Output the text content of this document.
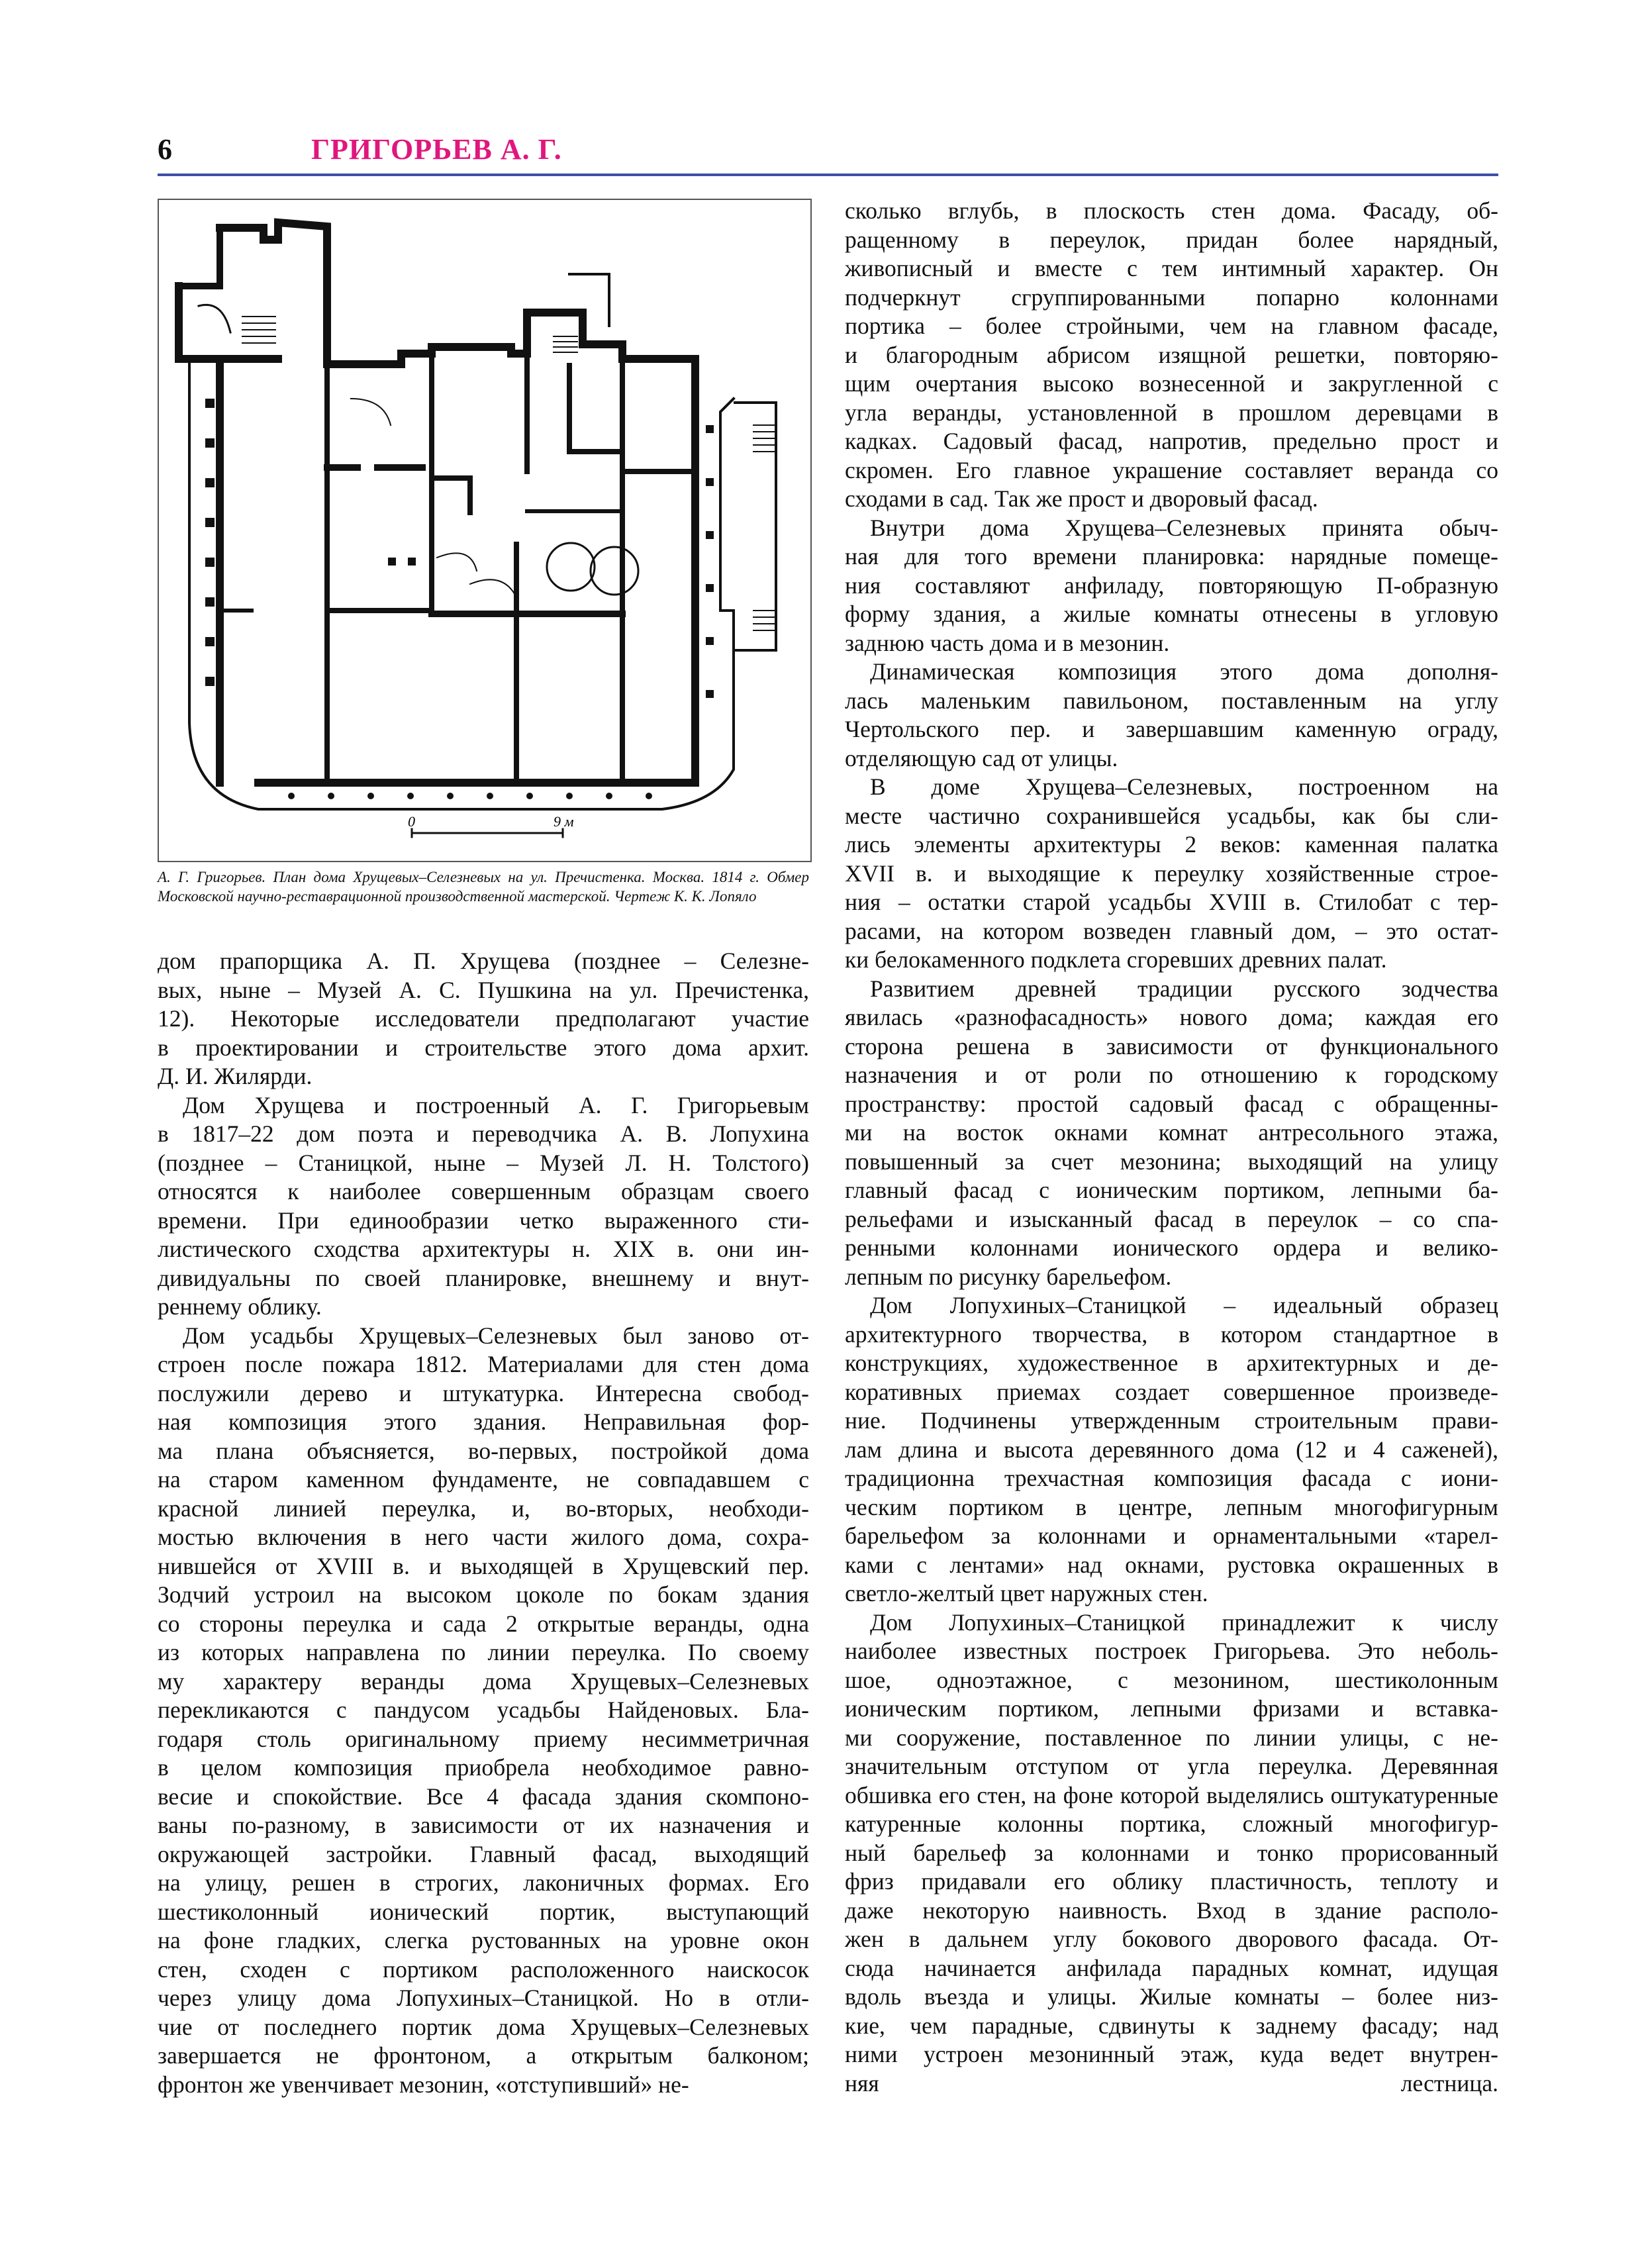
6	ГРИГОРЬЕВ А. Г.
0	9 м
А. Г. Григорьев. План дома Хрущевых–Селезневых на ул. Пречистенка. Москва. 1814 г. Обмер Московской научно-реставрационной производственной мастерской. Чертеж К. К. Лопяло
дом прапорщика А. П. Хрущева (позднее – Селезне-
вых, ныне – Музей А. С. Пушкина на ул. Пречистенка,
12). Некоторые исследователи предполагают участие
в проектировании и строительстве этого дома архит.
Д. И. Жилярди.
Дом Хрущева и построенный А. Г. Григорьевым
в 1817–22 дом поэта и переводчика А. В. Лопухина
(позднее – Станицкой, ныне – Музей Л. Н. Толстого)
относятся к наиболее совершенным образцам своего
времени. При единообразии четко выраженного сти-
листического сходства архитектуры н. XIX в. они ин-
дивидуальны по своей планировке, внешнему и внут-
реннему облику.
Дом усадьбы Хрущевых–Селезневых был заново от-
строен после пожара 1812. Материалами для стен дома
послужили дерево и штукатурка. Интересна свобод-
ная композиция этого здания. Неправильная фор-
ма плана объясняется, во-первых, постройкой дома
на старом каменном фундаменте, не совпадавшем с
красной линией переулка, и, во-вторых, необходи-
мостью включения в него части жилого дома, сохра-
нившейся от XVIII в. и выходящей в Хрущевский пер.
Зодчий устроил на высоком цоколе по бокам здания
со стороны переулка и сада 2 открытые веранды, одна
из которых направлена по линии переулка. По своему
му характеру веранды дома Хрущевых–Селезневых
перекликаются с пандусом усадьбы Найденовых. Бла-
годаря столь оригинальному приему несимметричная
в целом композиция приобрела необходимое равно-
весие и спокойствие. Все 4 фасада здания скомпоно-
ваны по-разному, в зависимости от их назначения и
окружающей застройки. Главный фасад, выходящий
на улицу, решен в строгих, лаконичных формах. Его
шестиколонный ионический портик, выступающий
на фоне гладких, слегка рустованных на уровне окон
стен, сходен с портиком расположенного наискосок
через улицу дома Лопухиных–Станицкой. Но в отли-
чие от последнего портик дома Хрущевых–Селезневых
завершается не фронтоном, а открытым балконом;
фронтон же увенчивает мезонин, «отступивший» не-
сколько вглубь, в плоскость стен дома. Фасаду, об-
ращенному в переулок, придан более нарядный,
живописный и вместе с тем интимный характер. Он
подчеркнут сгруппированными попарно колоннами
портика – более стройными, чем на главном фасаде,
и благородным абрисом изящной решетки, повторяю-
щим очертания высоко вознесенной и закругленной с
угла веранды, установленной в прошлом деревцами в
кадках. Садовый фасад, напротив, предельно прост и
скромен. Его главное украшение составляет веранда со
сходами в сад. Так же прост и дворовый фасад.
Внутри дома Хрущева–Селезневых принята обыч-
ная для того времени планировка: нарядные помеще-
ния составляют анфиладу, повторяющую П-образную
форму здания, а жилые комнаты отнесены в угловую
заднюю часть дома и в мезонин.
Динамическая композиция этого дома дополня-
лась маленьким павильоном, поставленным на углу
Чертольского пер. и завершавшим каменную ограду,
отделяющую сад от улицы.
В доме Хрущева–Селезневых, построенном на
месте частично сохранившейся усадьбы, как бы сли-
лись элементы архитектуры 2 веков: каменная палатка
XVII в. и выходящие к переулку хозяйственные строе-
ния – остатки старой усадьбы XVIII в. Стилобат с тер-
расами, на котором возведен главный дом, – это остат-
ки белокаменного подклета сгоревших древних палат.
Развитием древней традиции русского зодчества
явилась «разнофасадность» нового дома; каждая его
сторона решена в зависимости от функционального
назначения и от роли по отношению к городскому
пространству: простой садовый фасад с обращенны-
ми на восток окнами комнат антресольного этажа,
повышенный за счет мезонина; выходящий на улицу
главный фасад с ионическим портиком, лепными ба-
рельефами и изысканный фасад в переулок – со спа-
ренными колоннами ионического ордера и велико-
лепным по рисунку барельефом.
Дом Лопухиных–Станицкой – идеальный образец
архитектурного творчества, в котором стандартное в
конструкциях, художественное в архитектурных и де-
коративных приемах создает совершенное произведе-
ние. Подчинены утвержденным строительным прави-
лам длина и высота деревянного дома (12 и 4 саженей),
традиционна трехчастная композиция фасада с иони-
ческим портиком в центре, лепным многофигурным
барельефом за колоннами и орнаментальными «тарел-
ками с лентами» над окнами, рустовка окрашенных в
светло-желтый цвет наружных стен.
Дом Лопухиных–Станицкой принадлежит к числу
наиболее известных построек Григорьева. Это неболь-
шое, одноэтажное, с мезонином, шестиколонным
ионическим портиком, лепными фризами и вставка-
ми сооружение, поставленное по линии улицы, с не-
значительным отступом от угла переулка. Деревянная
обшивка его стен, на фоне которой выделялись оштукатуренные
катуренные колонны портика, сложный многофигур-
ный барельеф за колоннами и тонко прорисованный
фриз придавали его облику пластичность, теплоту и
даже некоторую наивность. Вход в здание располо-
жен в дальнем углу бокового дворового фасада. От-
сюда начинается анфилада парадных комнат, идущая
вдоль въезда и улицы. Жилые комнаты – более низ-
кие, чем парадные, сдвинуты к заднему фасаду; над
ними устроен мезонинный этаж, куда ведет внутрен-
няя лестница.
